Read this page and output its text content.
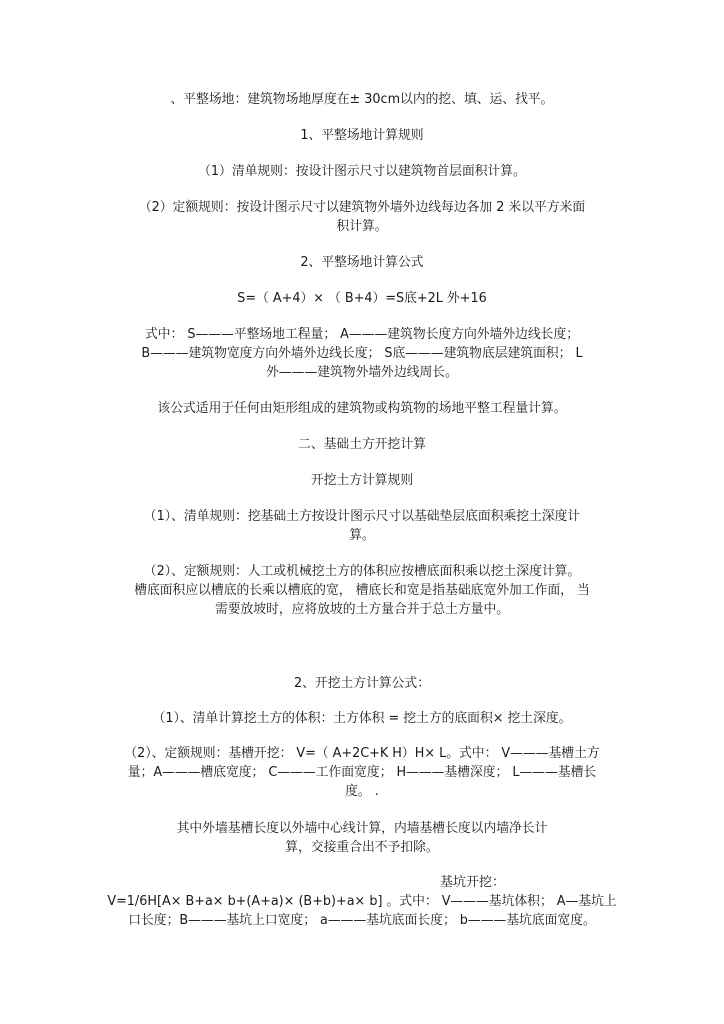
、平整场地：建筑物场地厚度在± 30cm以内的挖、填、运、找平。
1、平整场地计算规则
（1）清单规则：按设计图示尺寸以建筑物首层面积计算。
（2）定额规则：按设计图示尺寸以建筑物外墙外边线每边各加 2 米以平方米面
积计算。
2、平整场地计算公式
S=（ A+4）× （ B+4）=S底+2L 外+16
式中： S———平整场地工程量； A———建筑物长度方向外墙外边线长度；
B———建筑物宽度方向外墙外边线长度； S底———建筑物底层建筑面积； L
外———建筑物外墙外边线周长。
该公式适用于任何由矩形组成的建筑物或构筑物的场地平整工程量计算。
二、基础土方开挖计算
开挖土方计算规则
（1）、清单规则：挖基础土方按设计图示尺寸以基础垫层底面积乘挖土深度计
算。
（2）、定额规则：人工或机械挖土方的体积应按槽底面积乘以挖土深度计算。
槽底面积应以槽底的长乘以槽底的宽， 槽底长和宽是指基础底宽外加工作面， 当
需要放坡时，应将放坡的土方量合并于总土方量中。
2、开挖土方计算公式：
（1）、清单计算挖土方的体积：土方体积 = 挖土方的底面积× 挖土深度。
（2）、定额规则：基槽开挖： V=（ A+2C+K H）H× L。式中： V———基槽土方
量；A———槽底宽度； C———工作面宽度； H———基槽深度； L———基槽长
度。 .
其中外墙基槽长度以外墙中心线计算，内墙基槽长度以内墙净长计
算，交接重合出不予扣除。
基坑开挖：
V=1/6H[A× B+a× b+(A+a)× (B+b)+a× b] 。式中： V———基坑体积； A—基坑上
口长度；B———基坑上口宽度； a———基坑底面长度； b———基坑底面宽度。
